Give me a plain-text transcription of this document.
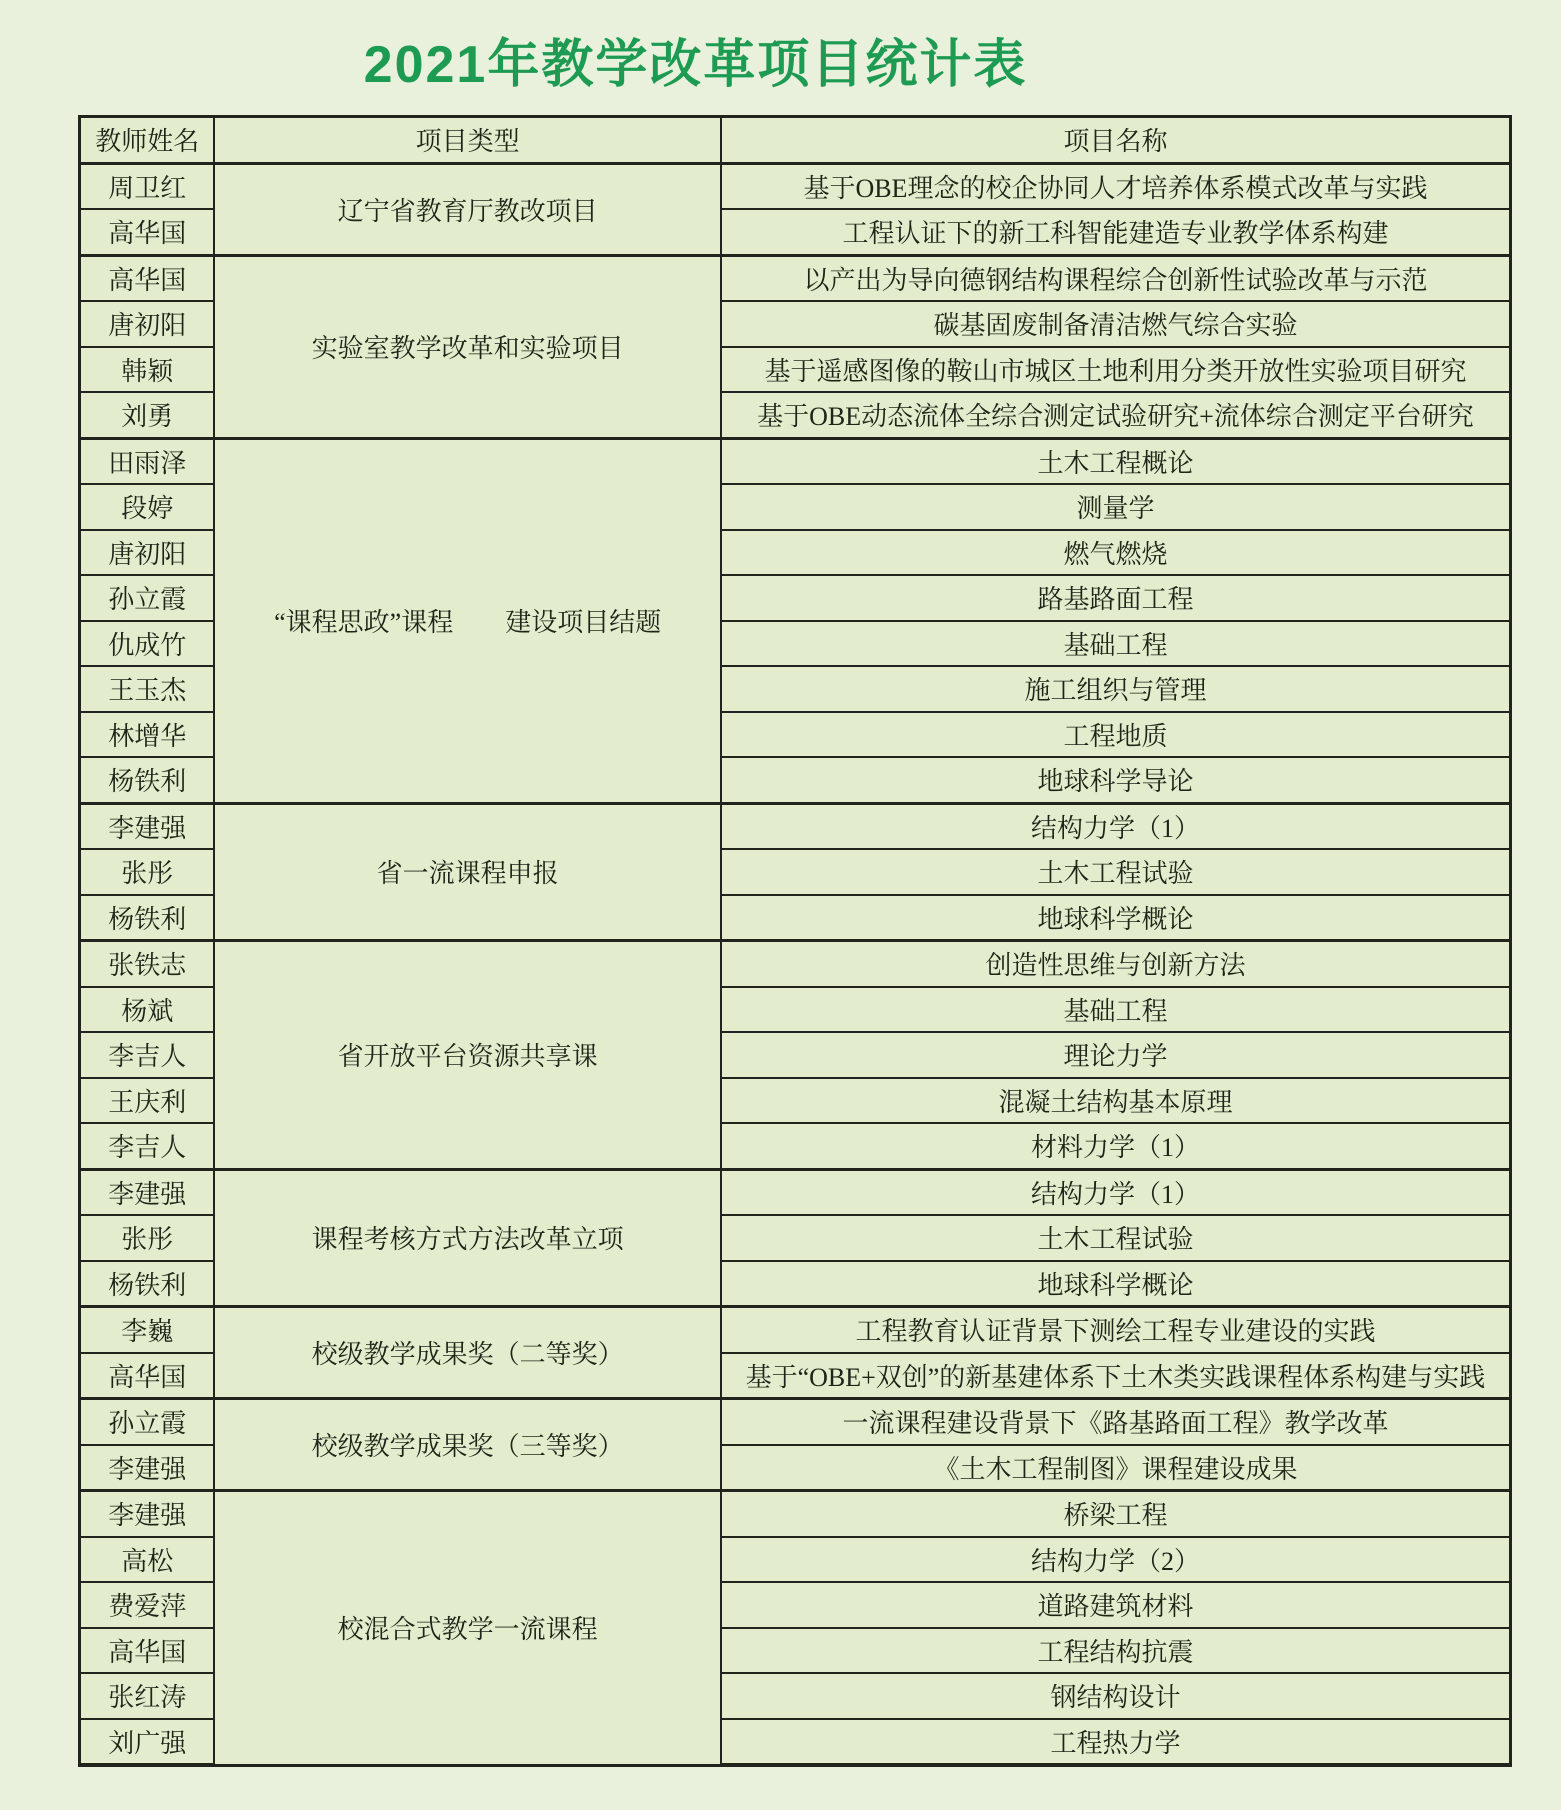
2021年教学改革项目统计表
教师姓名	项目类型	项目名称
周卫红	辽宁省教育厅教改项目	基于OBE理念的校企协同人才培养体系模式改革与实践
高华国		工程认证下的新工科智能建造专业教学体系构建
高华国	实验室教学改革和实验项目	以产出为导向德钢结构课程综合创新性试验改革与示范
唐初阳		碳基固废制备清洁燃气综合实验
韩颖		基于遥感图像的鞍山市城区土地利用分类开放性实验项目研究
刘勇		基于OBE动态流体全综合测定试验研究+流体综合测定平台研究
田雨泽	“课程思政”课程　　建设项目结题	土木工程概论
段婷		测量学
唐初阳		燃气燃烧
孙立霞		路基路面工程
仇成竹		基础工程
王玉杰		施工组织与管理
林增华		工程地质
杨铁利		地球科学导论
李建强	省一流课程申报	结构力学（1）
张彤		土木工程试验
杨铁利		地球科学概论
张铁志	省开放平台资源共享课	创造性思维与创新方法
杨斌		基础工程
李吉人		理论力学
王庆利		混凝土结构基本原理
李吉人		材料力学（1）
李建强	课程考核方式方法改革立项	结构力学（1）
张彤		土木工程试验
杨铁利		地球科学概论
李巍	校级教学成果奖（二等奖）	工程教育认证背景下测绘工程专业建设的实践
高华国		基于“OBE+双创”的新基建体系下土木类实践课程体系构建与实践
孙立霞	校级教学成果奖（三等奖）	一流课程建设背景下《路基路面工程》教学改革
李建强		《土木工程制图》课程建设成果
李建强	校混合式教学一流课程	桥梁工程
高松		结构力学（2）
费爱萍		道路建筑材料
高华国		工程结构抗震
张红涛		钢结构设计
刘广强		工程热力学
